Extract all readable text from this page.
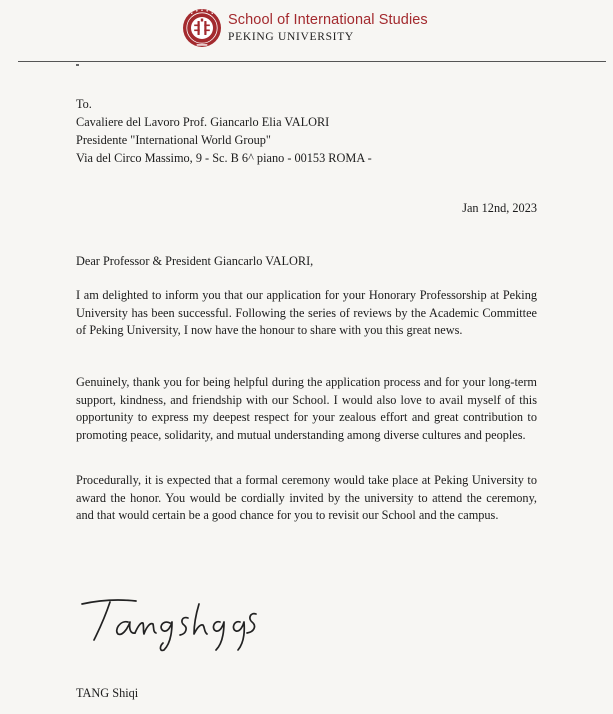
School of International Studies
PEKING UNIVERSITY
To.
Cavaliere del Lavoro Prof. Giancarlo Elia VALORI
Presidente "International World Group"
Via del Circo Massimo, 9 - Sc. B 6^ piano - 00153 ROMA -
Jan 12nd, 2023
Dear Professor & President Giancarlo VALORI,

I am delighted to inform you that our application for your Honorary Professorship at Peking University has been successful. Following the series of reviews by the Academic Committee of Peking University, I now have the honour to share with you this great news.

Genuinely, thank you for being helpful during the application process and for your long-term support, kindness, and friendship with our School. I would also love to avail myself of this opportunity to express my deepest respect for your zealous effort and great contribution to promoting peace, solidarity, and mutual understanding among diverse cultures and peoples.

Procedurally, it is expected that a formal ceremony would take place at Peking University to award the honor. You would be cordially invited by the university to attend the ceremony, and that would certain be a good chance for you to revisit our School and the campus.

TANG Shiqi
